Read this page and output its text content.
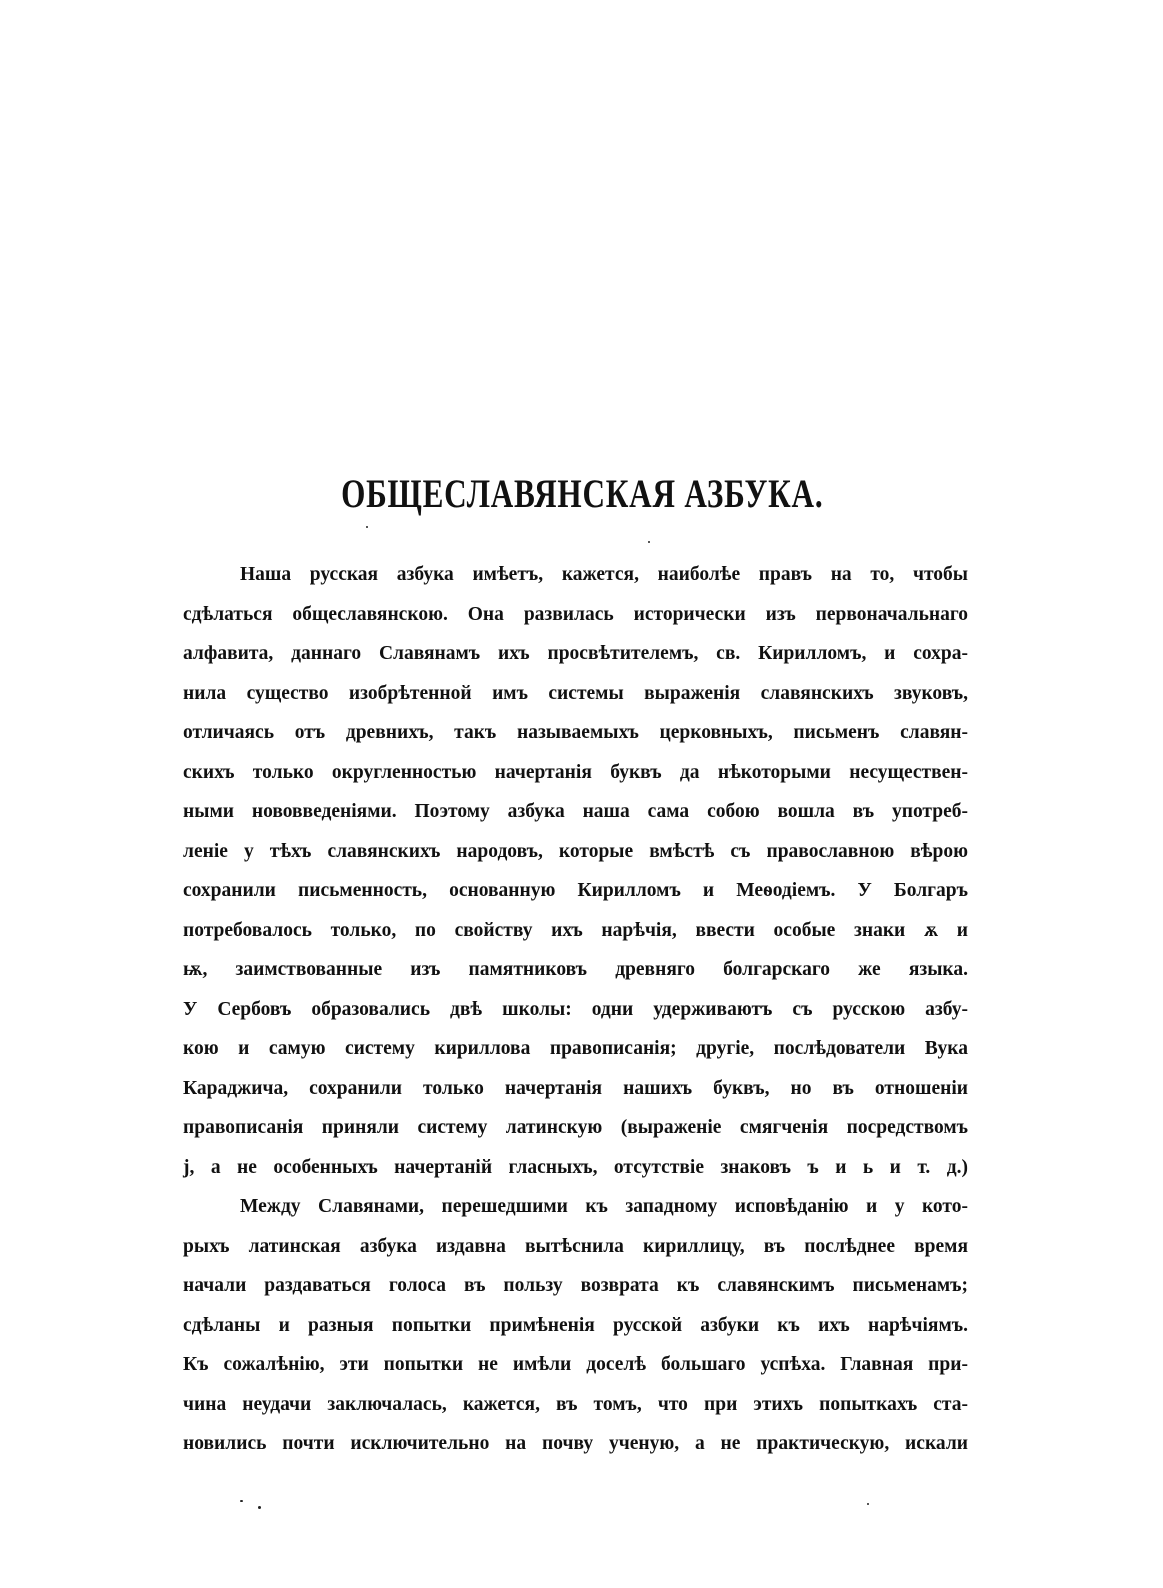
ОБЩЕСЛАВЯНСКАЯ АЗБУКА.
Наша русская азбука имѣетъ, кажется, наиболѣе правъ на то, чтобы
сдѣлаться общеславянскою. Она развилась исторически изъ первоначальнаго
алфавита, даннаго Славянамъ ихъ просвѣтителемъ, св. Кирилломъ, и сохра-
нила существо изобрѣтенной имъ системы выраженія славянскихъ звуковъ,
отличаясь отъ древнихъ, такъ называемыхъ церковныхъ, письменъ славян-
скихъ только округленностью начертанія буквъ да нѣкоторыми несуществен-
ными нововведеніями. Поэтому азбука наша сама собою вошла въ употреб-
леніе у тѣхъ славянскихъ народовъ, которые вмѣстѣ съ православною вѣрою
сохранили письменность, основанную Кирилломъ и Меѳодіемъ. У Болгаръ
потребовалось только, по свойству ихъ нарѣчія, ввести особые знаки ѫ и
ѭ, заимствованные изъ памятниковъ древняго болгарскаго же языка.
У Сербовъ образовались двѣ школы: одни удерживаютъ съ русскою азбу-
кою и самую систему кириллова правописанія; другіе, послѣдователи Вука
Караджича, сохранили только начертанія нашихъ буквъ, но въ отношеніи
правописанія приняли систему латинскую (выраженіе смягченія посредствомъ
j, а не особенныхъ начертаній гласныхъ, отсутствіе знаковъ ъ и ь и т. д.)
Между Славянами, перешедшими къ западному исповѣданію и у кото-
рыхъ латинская азбука издавна вытѣснила кириллицу, въ послѣднее время
начали раздаваться голоса въ пользу возврата къ славянскимъ письменамъ;
сдѣланы и разныя попытки примѣненія русской азбуки къ ихъ нарѣчіямъ.
Къ сожалѣнію, эти попытки не имѣли доселѣ большаго успѣха. Главная при-
чина неудачи заключалась, кажется, въ томъ, что при этихъ попыткахъ ста-
новились почти исключительно на почву ученую, а не практическую, искали
